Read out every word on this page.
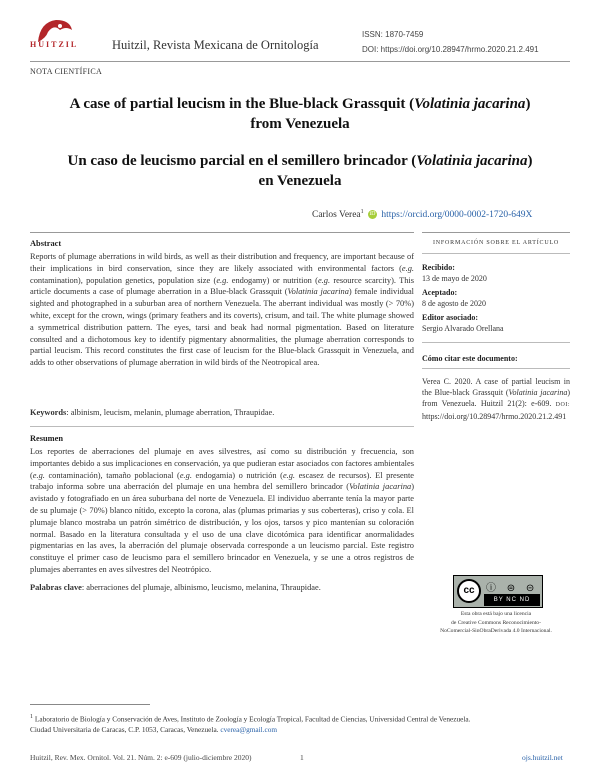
HUITZIL	Huitzil, Revista Mexicana de Ornitología
ISSN: 1870-7459
DOI: https://doi.org/10.28947/hrmo.2020.21.2.491
NOTA CIENTÍFICA
A case of partial leucism in the Blue-black Grassquit (Volatinia jacarina)
from Venezuela
Un caso de leucismo parcial en el semillero brincador (Volatinia jacarina)
en Venezuela
Carlos Verea$^1$ iD https://orcid.org/0000-0002-1720-649X
Abstract
Reports of plumage aberrations in wild birds, as well as their distribution and frequency, are important because of their implications in bird conservation, since they are likely associated with environmental factors (e.g. contamination), population genetics, population size (e.g. endogamy) or nutrition (e.g. resource scarcity). This article documents a case of plumage aberration in a Blue-black Grassquit (Volatinia jacarina) female individual sighted and photographed in a suburban area of northern Venezuela. The aberrant individual was mostly (> 70%) white, except for the crown, wings (primary feathers and its coverts), crisum, and tail. The white plumage showed a symmetrical distribution pattern. The eyes, tarsi and beak had normal pigmentation. Based on literature consulted and a dichotomous key to identify pigmentary abnormalities, the plumage aberration corresponds to partial leucism. This record constitutes the first case of leucism for the Blue-black Grassquit in Venezuela, and adds to other observations of plumage aberration in wild birds of the Neotropical area.
Keywords: albinism, leucism, melanin, plumage aberration, Thraupidae.
Resumen
Los reportes de aberraciones del plumaje en aves silvestres, así como su distribución y frecuencia, son importantes debido a sus implicaciones en conservación, ya que pudieran estar asociados con factores ambientales (e.g. contaminación), tamaño poblacional (e.g. endogamia) o nutrición (e.g. escasez de recursos). El presente trabajo informa sobre una aberración del plumaje en una hembra del semillero brincador (Volatinia jacarina) avistado y fotografiado en un área suburbana del norte de Venezuela. El individuo aberrante tenía la mayor parte de su plumaje (> 70%) blanco nítido, excepto la corona, alas (plumas primarias y sus coberteras), criso y cola. El plumaje blanco mostraba un patrón simétrico de distribución, y los ojos, tarsos y pico mantenían su coloración normal. Basado en la literatura consultada y el uso de una clave dicotómica para identificar anormalidades pigmentarias en las aves, la aberración del plumaje observada corresponde a un leucismo parcial. Este registro constituye el primer caso de leucismo para el semillero brincador en Venezuela, y se une a otros registros de plumajes aberrantes en aves silvestres del Neotrópico.
Palabras clave: aberraciones del plumaje, albinismo, leucismo, melanina, Thraupidae.
INFORMACIÓN SOBRE EL ARTÍCULO
Recibido:
13 de mayo de 2020
Aceptado:
8 de agosto de 2020
Editor asociado:
Sergio Alvarado Orellana
Cómo citar este documento:
Verea C. 2020. A case of partial leucism in the Blue-black Grassquit (Volatinia jacarina) from Venezuela. Huitzil 21(2): e-609. DOI: https://doi.org/10.28947/hrmo.2020.21.2.491
cc	ⓘ ⊜ ⊝
BY NC ND
Esta obra está bajo una licencia
de Creative Commons Reconocimiento-
NoComercial-SinObraDerivada 4.0 Internacional.
$^1$ Laboratorio de Biología y Conservación de Aves, Instituto de Zoología y Ecología Tropical, Facultad de Ciencias, Universidad Central de Venezuela.
Ciudad Universitaria de Caracas, C.P. 1053, Caracas, Venezuela. cverea@gmail.com
Huitzil, Rev. Mex. Ornitol. Vol. 21. Núm. 2: e-609 (julio-diciembre 2020)	1	ojs.huitzil.net
